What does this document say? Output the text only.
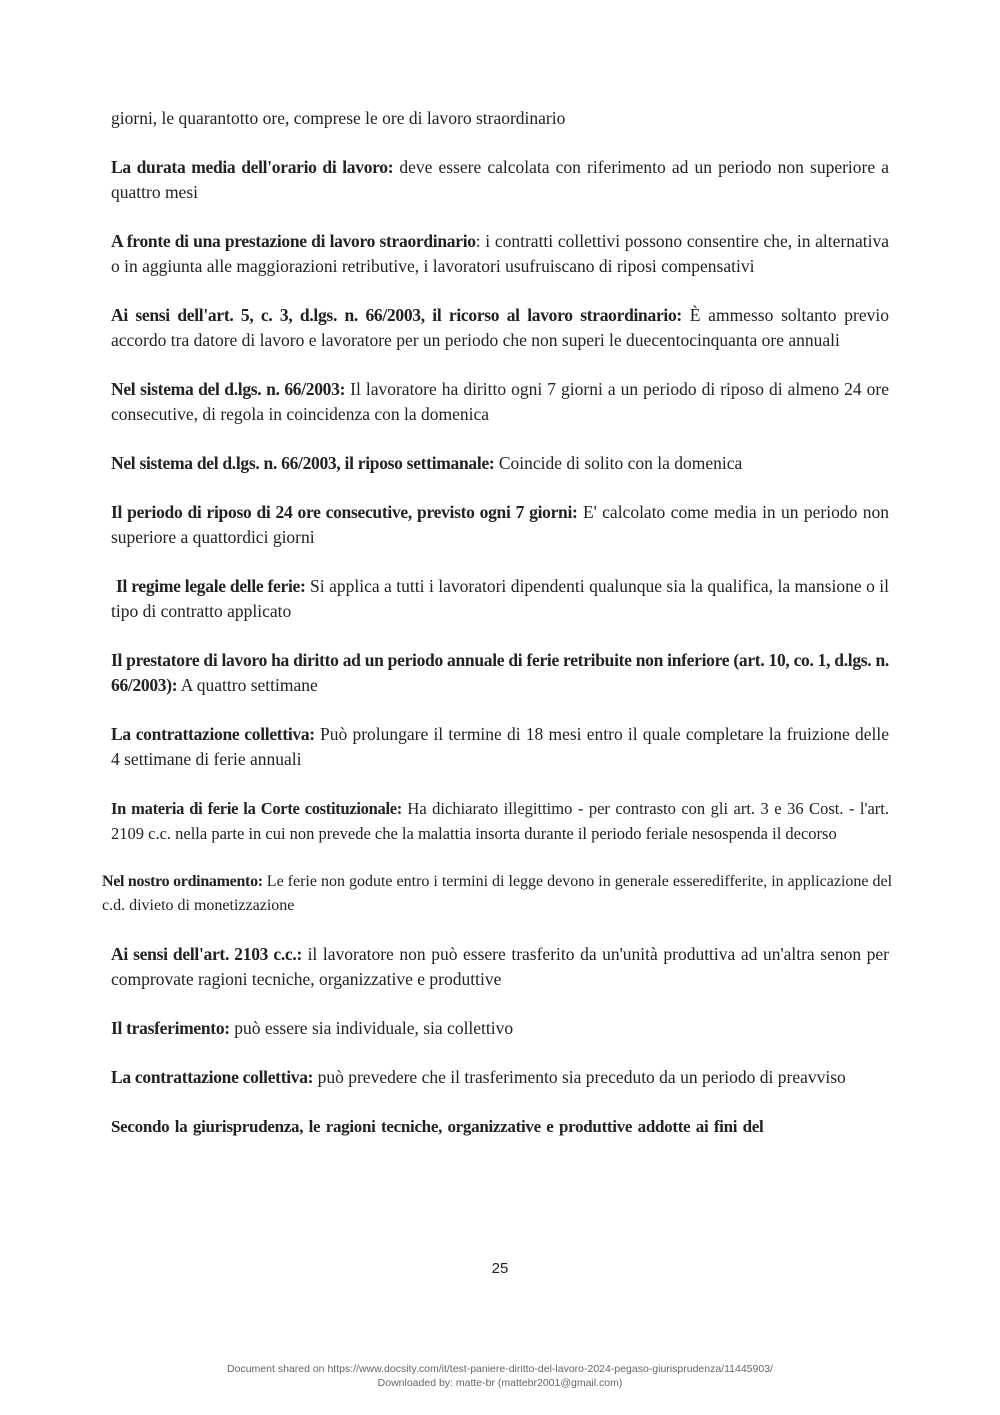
giorni, le quarantotto ore, comprese le ore di lavoro straordinario

La durata media dell'orario di lavoro: deve essere calcolata con riferimento ad un periodo non superiore a quattro mesi

A fronte di una prestazione di lavoro straordinario: i contratti collettivi possono consentire che, in alternativa o in aggiunta alle maggiorazioni retributive, i lavoratori usufruiscano di riposi compensativi

Ai sensi dell'art. 5, c. 3, d.lgs. n. 66/2003, il ricorso al lavoro straordinario: È ammesso soltanto previo accordo tra datore di lavoro e lavoratore per un periodo che non superi le duecentocinquanta ore annuali

Nel sistema del d.lgs. n. 66/2003: Il lavoratore ha diritto ogni 7 giorni a un periodo di riposo di almeno 24 ore consecutive, di regola in coincidenza con la domenica

Nel sistema del d.lgs. n. 66/2003, il riposo settimanale: Coincide di solito con la domenica

Il periodo di riposo di 24 ore consecutive, previsto ogni 7 giorni: E' calcolato come media in un periodo non superiore a quattordici giorni

Il regime legale delle ferie: Si applica a tutti i lavoratori dipendenti qualunque sia la qualifica, la mansione o il tipo di contratto applicato

Il prestatore di lavoro ha diritto ad un periodo annuale di ferie retribuite non inferiore (art. 10, co. 1, d.lgs. n. 66/2003): A quattro settimane

La contrattazione collettiva: Può prolungare il termine di 18 mesi entro il quale completare la fruizione delle 4 settimane di ferie annuali

In materia di ferie la Corte costituzionale: Ha dichiarato illegittimo - per contrasto con gli art. 3 e 36 Cost. - l'art. 2109 c.c. nella parte in cui non prevede che la malattia insorta durante il periodo feriale nesospenda il decorso

Nel nostro ordinamento: Le ferie non godute entro i termini di legge devono in generale esseredifferite, in applicazione del c.d. divieto di monetizzazione

Ai sensi dell'art. 2103 c.c.: il lavoratore non può essere trasferito da un'unità produttiva ad un'altra senon per comprovate ragioni tecniche, organizzative e produttive

Il trasferimento: può essere sia individuale, sia collettivo

La contrattazione collettiva: può prevedere che il trasferimento sia preceduto da un periodo di preavviso

Secondo la giurisprudenza, le ragioni tecniche, organizzative e produttive addotte ai fini del

25
Document shared on https://www.docsity.com/it/test-paniere-diritto-del-lavoro-2024-pegaso-giurisprudenza/11445903/
Downloaded by: matte-br (mattebr2001@gmail.com)
